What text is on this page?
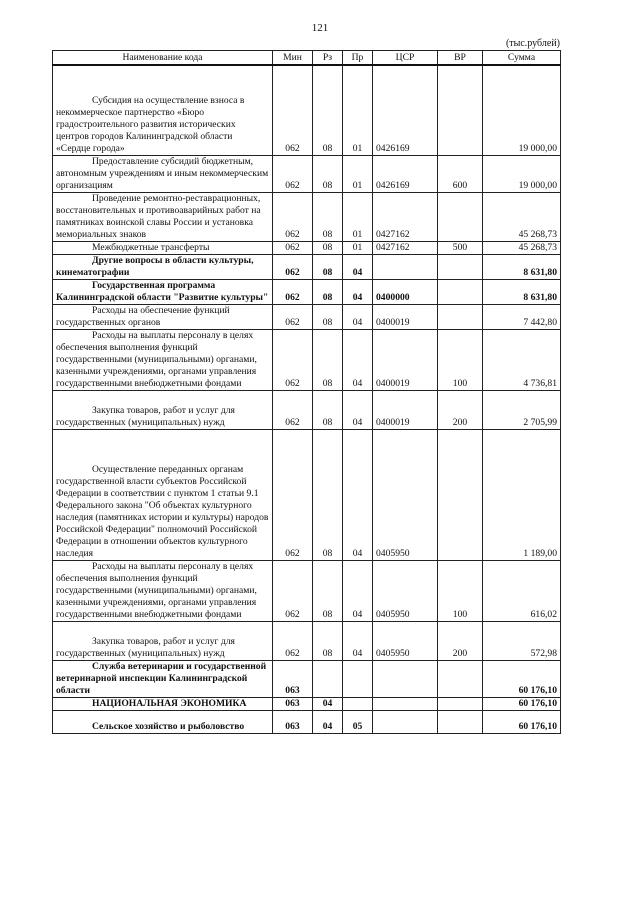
121
(тыс.рублей)
Наименование кода	Мин	Рз	Пр	ЦСР	ВР	Сумма

Субсидия на осуществление взноса в некоммерческое партнерство «Бюро градостроительного развития исторических центров городов Калининградской области «Сердце города»	062	08	01	0426169		19 000,00

Предоставление субсидий бюджетным, автономным учреждениям и иным некоммерческим организациям	062	08	01	0426169	600	19 000,00

Проведение ремонтно-реставрационных, восстановительных и противоаварийных работ на памятниках воинской славы России и установка мемориальных знаков	062	08	01	0427162		45 268,73

Межбюджетные трансферты	062	08	01	0427162	500	45 268,73

Другие вопросы в области культуры, кинематографии	062	08	04			8 631,80

Государственная программа Калининградской области "Развитие культуры"	062	08	04	0400000		8 631,80

Расходы на обеспечение функций государственных органов	062	08	04	0400019		7 442,80

Расходы на выплаты персоналу в целях обеспечения выполнения функций государственными (муниципальными) органами, казенными учреждениями, органами управления государственными внебюджетными фондами	062	08	04	0400019	100	4 736,81

Закупка товаров, работ и услуг для государственных (муниципальных) нужд	062	08	04	0400019	200	2 705,99

Осуществление переданных органам государственной власти субъектов Российской Федерации в соответствии с пунктом 1 статьи 9.1 Федерального закона "Об объектах культурного наследия (памятниках истории и культуры) народов Российской Федерации" полномочий Российской Федерации в отношении объектов культурного наследия	062	08	04	0405950		1 189,00

Расходы на выплаты персоналу в целях обеспечения выполнения функций государственными (муниципальными) органами, казенными учреждениями, органами управления государственными внебюджетными фондами	062	08	04	0405950	100	616,02

Закупка товаров, работ и услуг для государственных (муниципальных) нужд	062	08	04	0405950	200	572,98

Служба ветеринарии и государственной ветеринарной инспекции Калининградской области	063					60 176,10

НАЦИОНАЛЬНАЯ ЭКОНОМИКА	063	04				60 176,10

Сельское хозяйство и рыболовство	063	04	05			60 176,10
